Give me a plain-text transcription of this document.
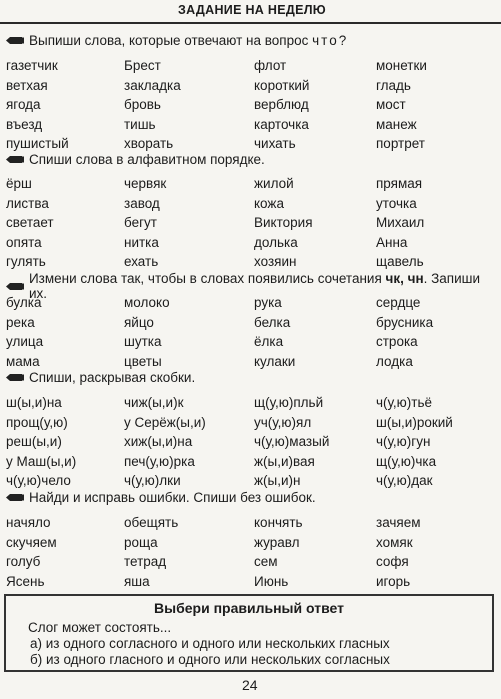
ЗАДАНИЕ НА НЕДЕЛЮ
Выпиши слова, которые отвечают на вопрос что?
газетчик	Брест	флот	монетки
ветхая	закладка	короткий	гладь
ягода	бровь	верблюд	мост
въезд	тишь	карточка	манеж
пушистый	хворать	чихать	портрет
Спиши слова в алфавитном порядке.
ёрш	червяк	жилой	прямая
листва	завод	кожа	уточка
светает	бегут	Виктория	Михаил
опята	нитка	долька	Анна
гулять	ехать	хозяин	щавель
Измени слова так, чтобы в словах появились сочетания чк, чн. Запиши их.
булка	молоко	рука	сердце
река	яйцо	белка	брусника
улица	шутка	ёлка	строка
мама	цветы	кулаки	лодка
Спиши, раскрывая скобки.
ш(ы,и)на	чиж(ы,и)к	щ(у,ю)пльй	ч(у,ю)тьё
прощ(у,ю)	у Серёж(ы,и)	уч(у,ю)ял	ш(ы,и)рокий
реш(ы,и)	хиж(ы,и)на	ч(у,ю)мазый	ч(у,ю)гун
у Маш(ы,и)	печ(у,ю)рка	ж(ы,и)вая	щ(у,ю)чка
ч(у,ю)чело	ч(у,ю)лки	ж(ы,и)н	ч(у,ю)дак
Найди и исправь ошибки. Спиши без ошибок.
начяло	обещять	кончять	зачяем
скучяем	роща	журавл	хомяк
голуб	тетрад	сем	софя
Ясень	яша	Июнь	игорь
Выбери правильный ответ
Слог может состоять...
а) из одного согласного и одного или нескольких гласных
б) из одного гласного и одного или нескольких согласных
24
